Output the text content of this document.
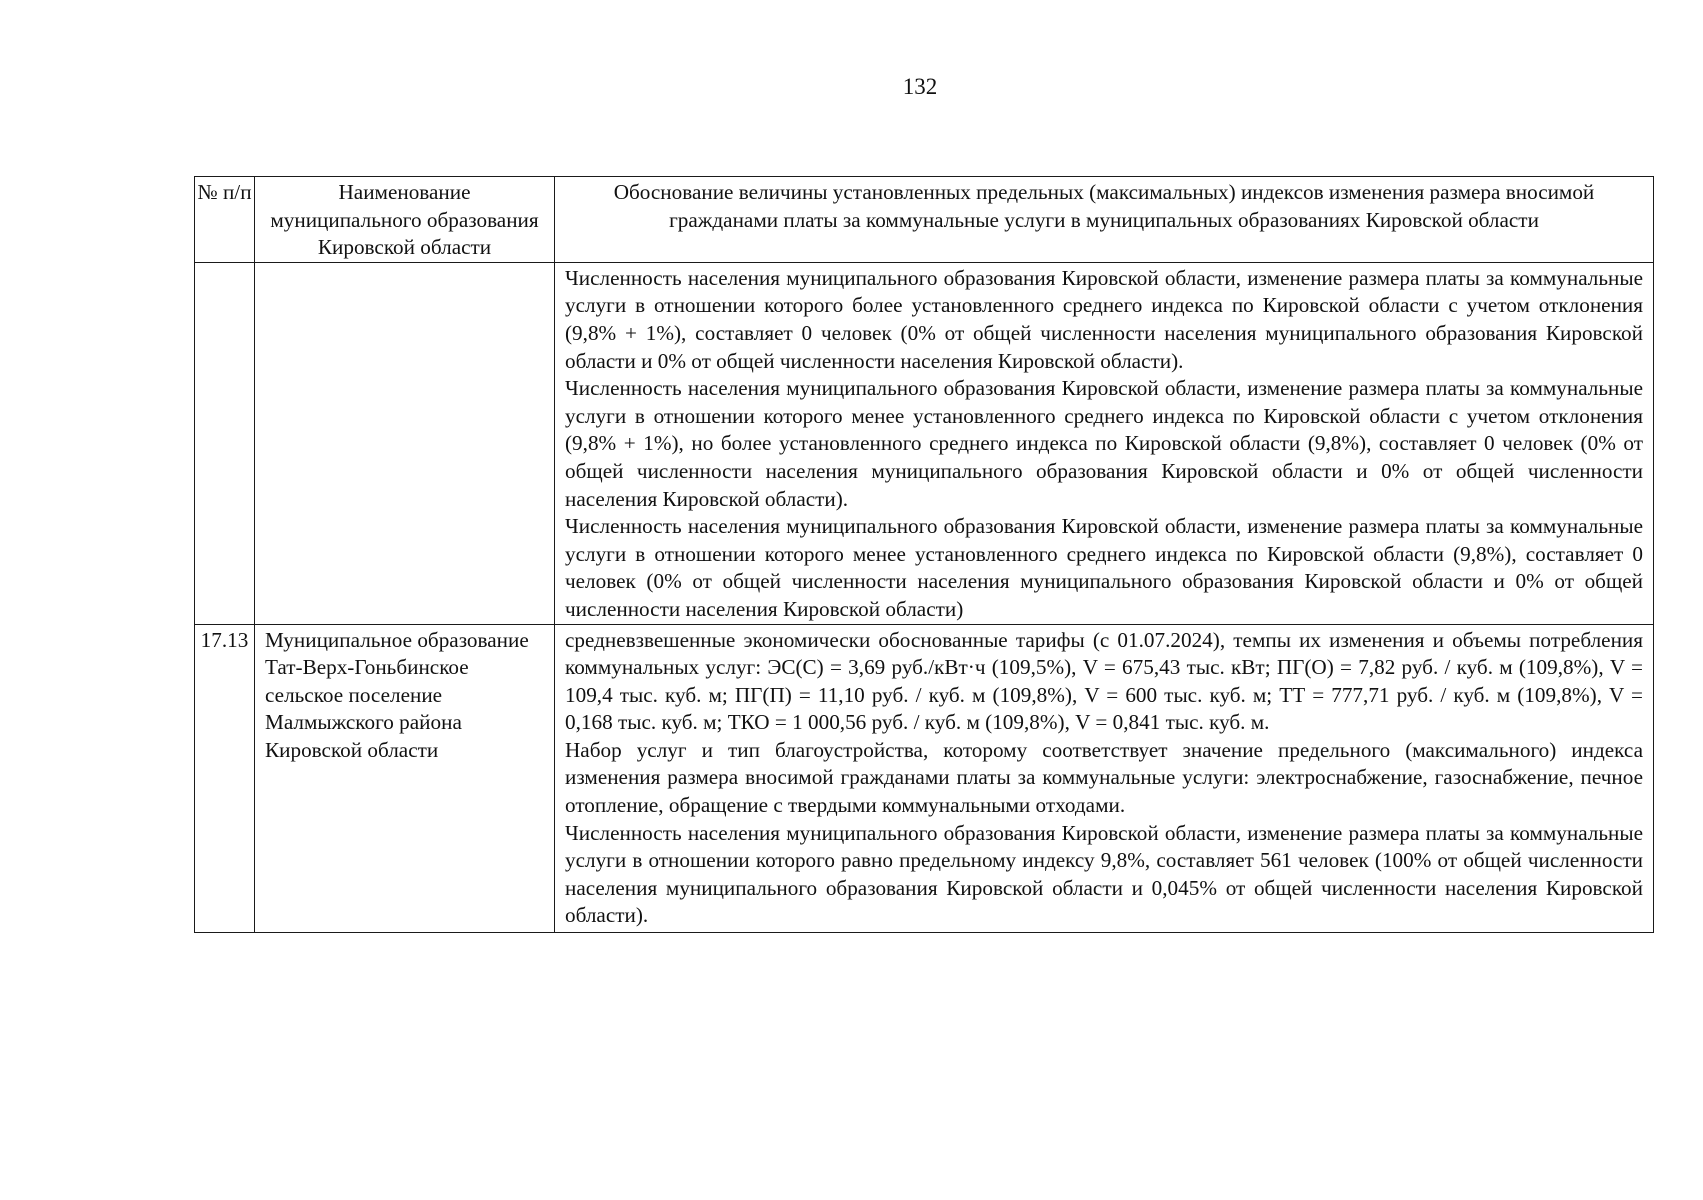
132
№ п/п	Наименование муниципального образования Кировской области	Обоснование величины установленных предельных (максимальных) индексов изменения размера вносимой гражданами платы за коммунальные услуги в муниципальных образованиях Кировской области

		Численность населения муниципального образования Кировской области, изменение размера платы за коммунальные услуги в отношении которого более установленного среднего индекса по Кировской области с учетом отклонения (9,8% + 1%), составляет 0 человек (0% от общей численности населения муниципального образования Кировской области и 0% от общей численности населения Кировской области).

Численность населения муниципального образования Кировской области, изменение размера платы за коммунальные услуги в отношении которого менее установленного среднего индекса по Кировской области с учетом отклонения (9,8% + 1%), но более установленного среднего индекса по Кировской области (9,8%), составляет 0 человек (0% от общей численности населения муниципального образования Кировской области и 0% от общей численности населения Кировской области).

Численность населения муниципального образования Кировской области, изменение размера платы за коммунальные услуги в отношении которого менее установленного среднего индекса по Кировской области (9,8%), составляет 0 человек (0% от общей численности населения муниципального образования Кировской области и 0% от общей численности населения Кировской области)

17.13	Муниципальное образование Тат-Верх-Гоньбинское сельское поселение Малмыжского района Кировской области	средневзвешенные экономически обоснованные тарифы (с 01.07.2024), темпы их изменения и объемы потребления коммунальных услуг: ЭС(С) = 3,69 руб./кВт·ч (109,5%), V = 675,43 тыс. кВт; ПГ(О) = 7,82 руб. / куб. м (109,8%), V = 109,4 тыс. куб. м; ПГ(П) = 11,10 руб. / куб. м (109,8%), V = 600 тыс. куб. м; ТТ = 777,71 руб. / куб. м (109,8%), V = 0,168 тыс. куб. м; ТКО = 1 000,56 руб. / куб. м (109,8%), V = 0,841 тыс. куб. м.

Набор услуг и тип благоустройства, которому соответствует значение предельного (максимального) индекса изменения размера вносимой гражданами платы за коммунальные услуги: электроснабжение, газоснабжение, печное отопление, обращение с твердыми коммунальными отходами.

Численность населения муниципального образования Кировской области, изменение размера платы за коммунальные услуги в отношении которого равно предельному индексу 9,8%, составляет 561 человек (100% от общей численности населения муниципального образования Кировской области и 0,045% от общей численности населения Кировской области).
